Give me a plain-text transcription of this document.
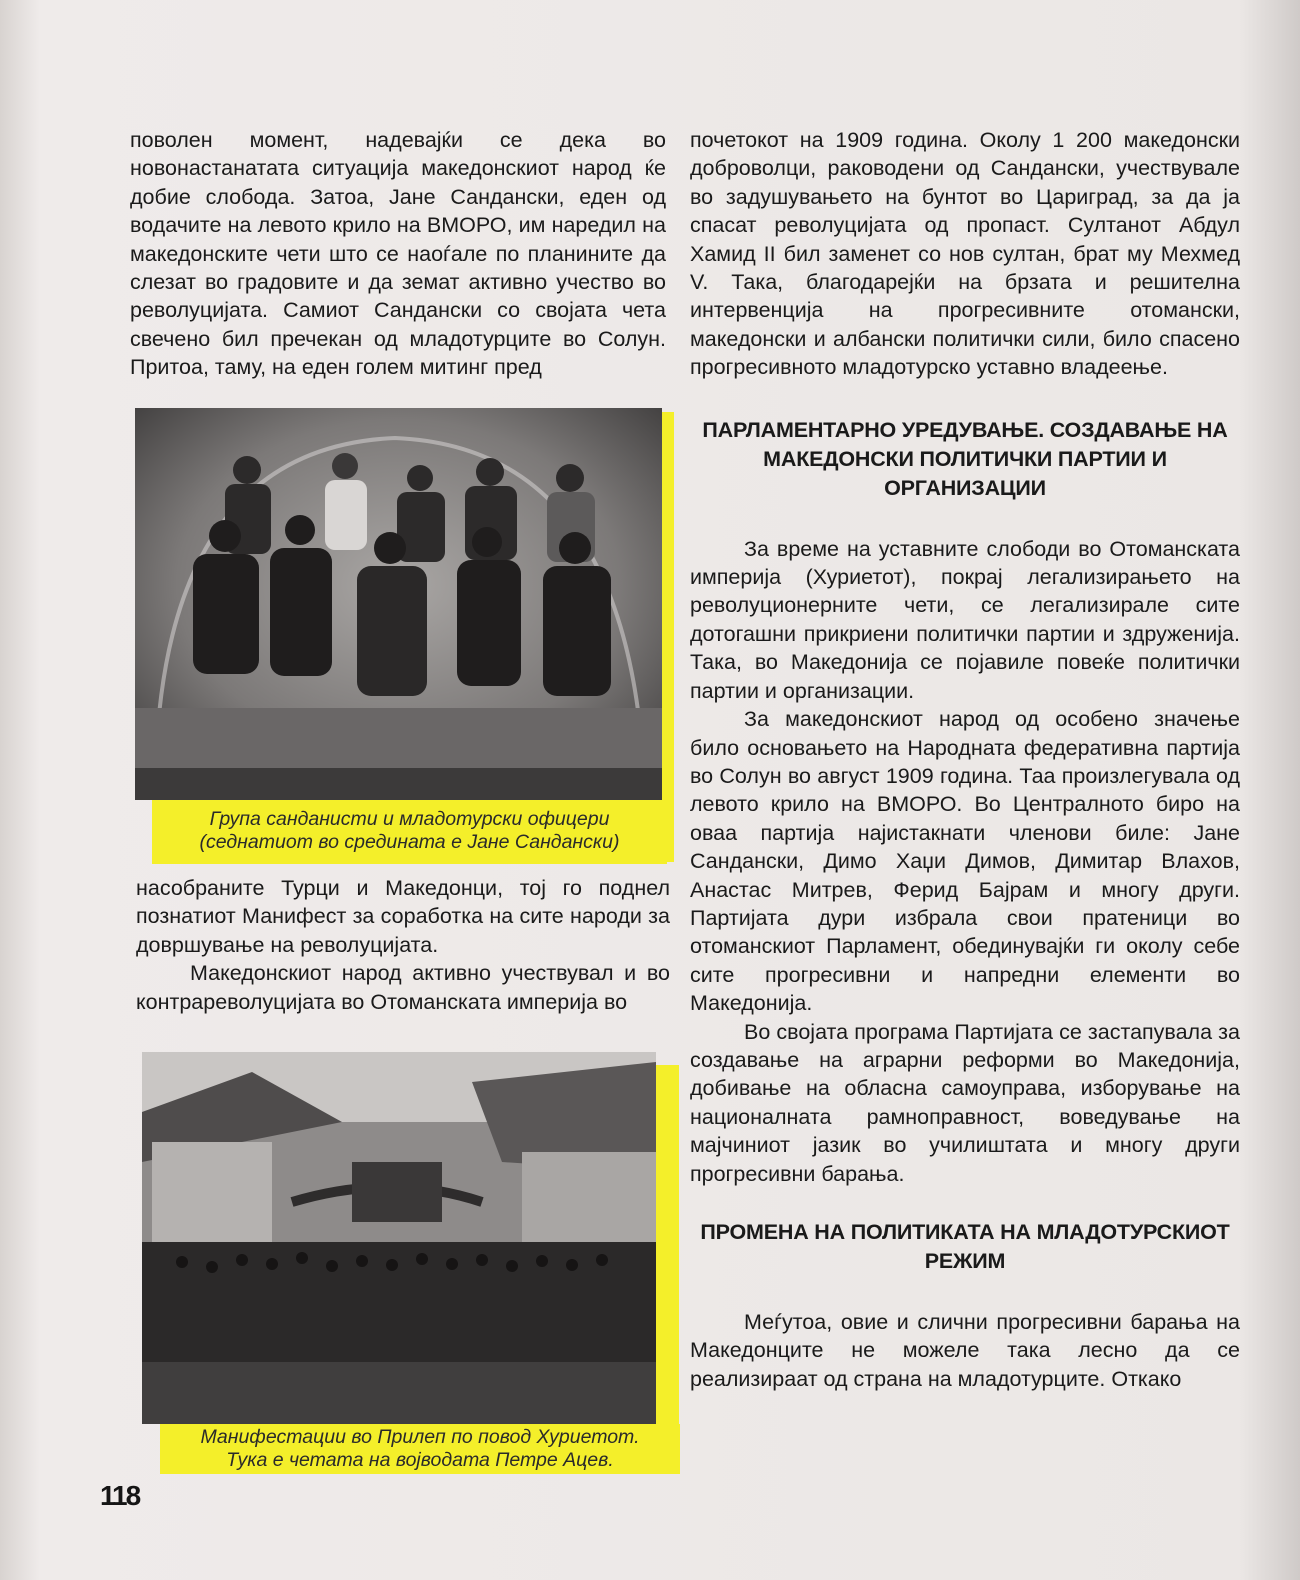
поволен момент, надевајќи се дека во новонастанатата ситуација македонскиот народ ќе добие слобода. Затоа, Јане Сандански, еден од водачите на левото крило на ВМОРО, им наредил на македонските чети што се наоѓале по планините да слезат во градовите и да земат активно учество во револуцијата. Самиот Сандански со својата чета свечено бил пречекан од младотурците во Солун. Притоа, таму, на еден голем митинг пред

Група сандaнисти и младотурски офицери
(седнатиот во средината е Јане Сандански)

насобраните Турци и Македонци, тој го поднел познатиот Манифест за соработка на сите народи за довршување на револуцијата.

Македонскиот народ активно учествувал и во контрареволуцијата во Отоманската империја во

Манифестации во Прилеп по повод Хуриетот.
Тука е четата на војводата Петре Ацев.

почетокот на 1909 година. Околу 1 200 македонски доброволци, раководени од Сандански, учествувале во задушувањето на бунтот во Цариград, за да ја спасат револуцијата од пропаст. Султанот Абдул Хамид II бил заменет со нов султан, брат му Мехмед V. Така, благодарејќи на брзата и решителна интервенција на прогресивните отомански, македонски и албански политички сили, било спасено прогресивното младотурско уставно владеење.

ПАРЛАМЕНТАРНО УРЕДУВАЊЕ. СОЗДАВАЊЕ НА МАКЕДОНСКИ ПОЛИТИЧКИ ПАРТИИ И ОРГАНИЗАЦИИ

За време на уставните слободи во Отоманската империја (Хуриетот), покрај легализирањето на револуционерните чети, се легализирале сите дотогашни прикриени политички партии и здруженија. Така, во Македонија се појавиле повеќе политички партии и организации.

За македонскиот народ од особено значење било основањето на Народната федеративна партија во Солун во август 1909 година. Таа произлегувала од левото крило на ВМОРО. Во Централното биро на оваа партија најистакнати членови биле: Јане Сандански, Димо Хаџи Димов, Димитар Влахов, Анастас Митрев, Ферид Бајрам и многу други. Партијата дури избрала свои пратеници во отоманскиот Парламент, обединувајќи ги околу себе сите прогресивни и напредни елементи во Македонија.

Во својата програма Партијата се застапувала за создавање на аграрни реформи во Македонија, добивање на обласна самоуправа, изборување на националната рамноправност, воведување на мајчиниот јазик во училиштата и многу други прогресивни барања.

ПРОМЕНА НА ПОЛИТИКАТА НА МЛАДОТУРСКИОТ РЕЖИМ

Меѓутоа, овие и слични прогресивни барања на Македонците не можеле така лесно да се реализираат од страна на младотурците. Откако

118
